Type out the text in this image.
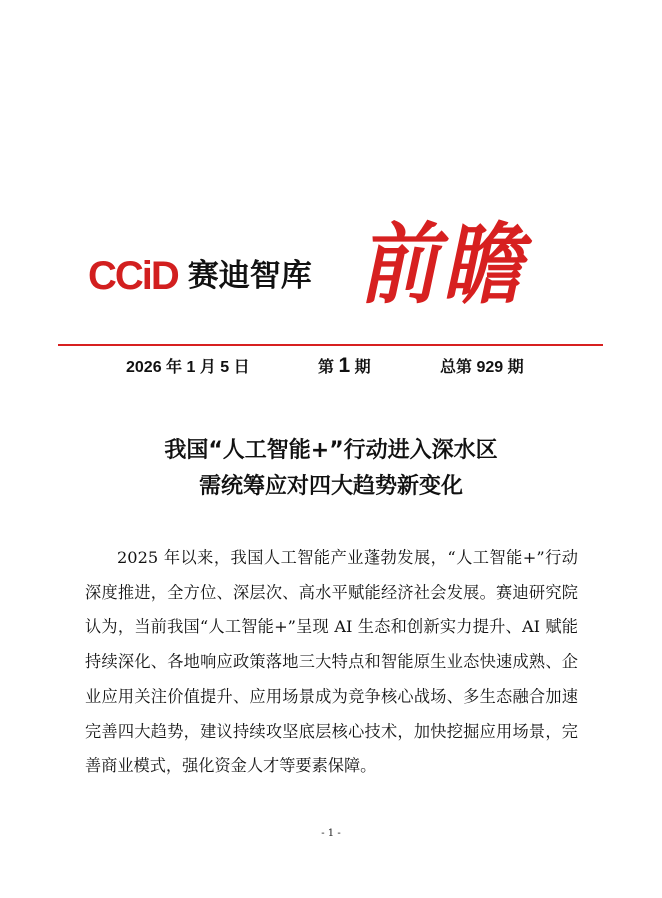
CCiD 赛迪智库 前瞻
2026 年 1 月 5 日	第 1 期	总第 929 期
我国“人工智能+”行动进入深水区
需统筹应对四大趋势新变化

2025 年以来，我国人工智能产业蓬勃发展，“人工智能+”行动深度推进，全方位、深层次、高水平赋能经济社会发展。赛迪研究院认为，当前我国“人工智能+”呈现 AI 生态和创新实力提升、AI 赋能持续深化、各地响应政策落地三大特点和智能原生业态快速成熟、企业应用关注价值提升、应用场景成为竞争核心战场、多生态融合加速完善四大趋势，建议持续攻坚底层核心技术，加快挖掘应用场景，完善商业模式，强化资金人才等要素保障。

- 1 -
